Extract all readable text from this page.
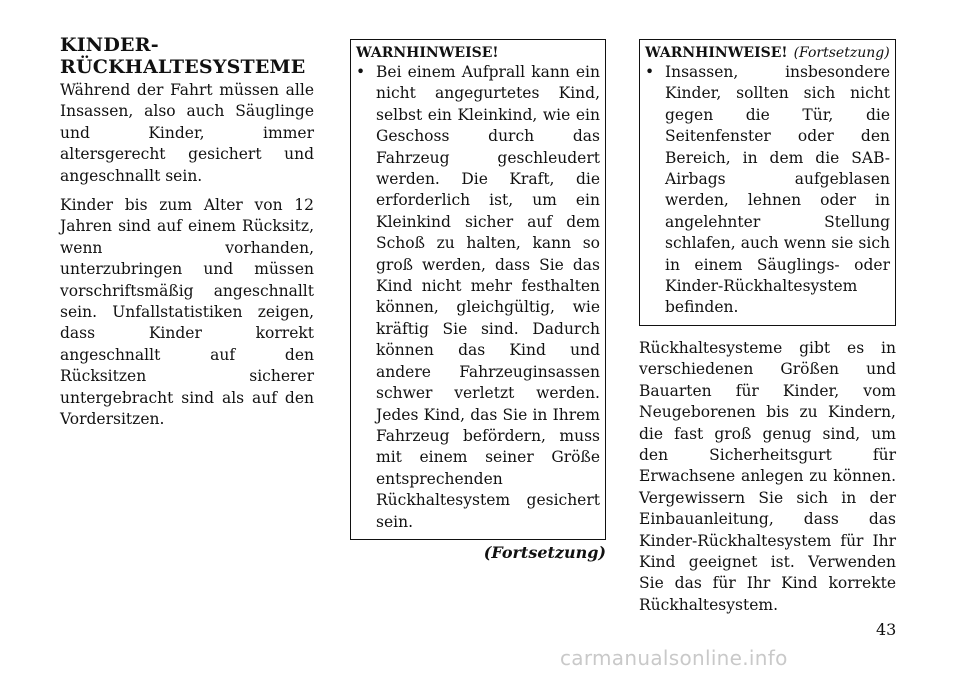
KINDER-
RÜCKHALTESYSTEME

Während der Fahrt müssen alle Insassen, also auch Säuglinge und Kinder, immer altersgerecht gesichert und angeschnallt sein.

Kinder bis zum Alter von 12 Jahren sind auf einem Rücksitz, wenn vorhanden, unterzubringen und müssen vorschriftsmäßig angeschnallt sein. Unfallstatistiken zeigen, dass Kinder korrekt angeschnallt auf den Rücksitzen sicherer untergebracht sind als auf den Vordersitzen.

WARNHINWEISE!
• Bei einem Aufprall kann ein nicht angegurtetes Kind, selbst ein Kleinkind, wie ein Geschoss durch das Fahrzeug geschleudert werden. Die Kraft, die erforderlich ist, um ein Kleinkind sicher auf dem Schoß zu halten, kann so groß werden, dass Sie das Kind nicht mehr festhalten können, gleichgültig, wie kräftig Sie sind. Dadurch können das Kind und andere Fahrzeuginsassen schwer verletzt werden. Jedes Kind, das Sie in Ihrem Fahrzeug befördern, muss mit einem seiner Größe entsprechenden Rückhaltesystem gesichert sein.
(Fortsetzung)
WARNHINWEISE! (Fortsetzung)
• Insassen, insbesondere Kinder, sollten sich nicht gegen die Tür, die Seitenfenster oder den Bereich, in dem die SAB-Airbags aufgeblasen werden, lehnen oder in angelehnter Stellung schlafen, auch wenn sie sich in einem Säuglings- oder Kinder-Rückhaltesystem befinden.

Rückhaltesysteme gibt es in verschiedenen Größen und Bauarten für Kinder, vom Neugeborenen bis zu Kindern, die fast groß genug sind, um den Sicherheitsgurt für Erwachsene anlegen zu können. Vergewissern Sie sich in der Einbauanleitung, dass das Kinder-Rückhaltesystem für Ihr Kind geeignet ist. Verwenden Sie das für Ihr Kind korrekte Rückhaltesystem.

43
carmanualsonline.info
